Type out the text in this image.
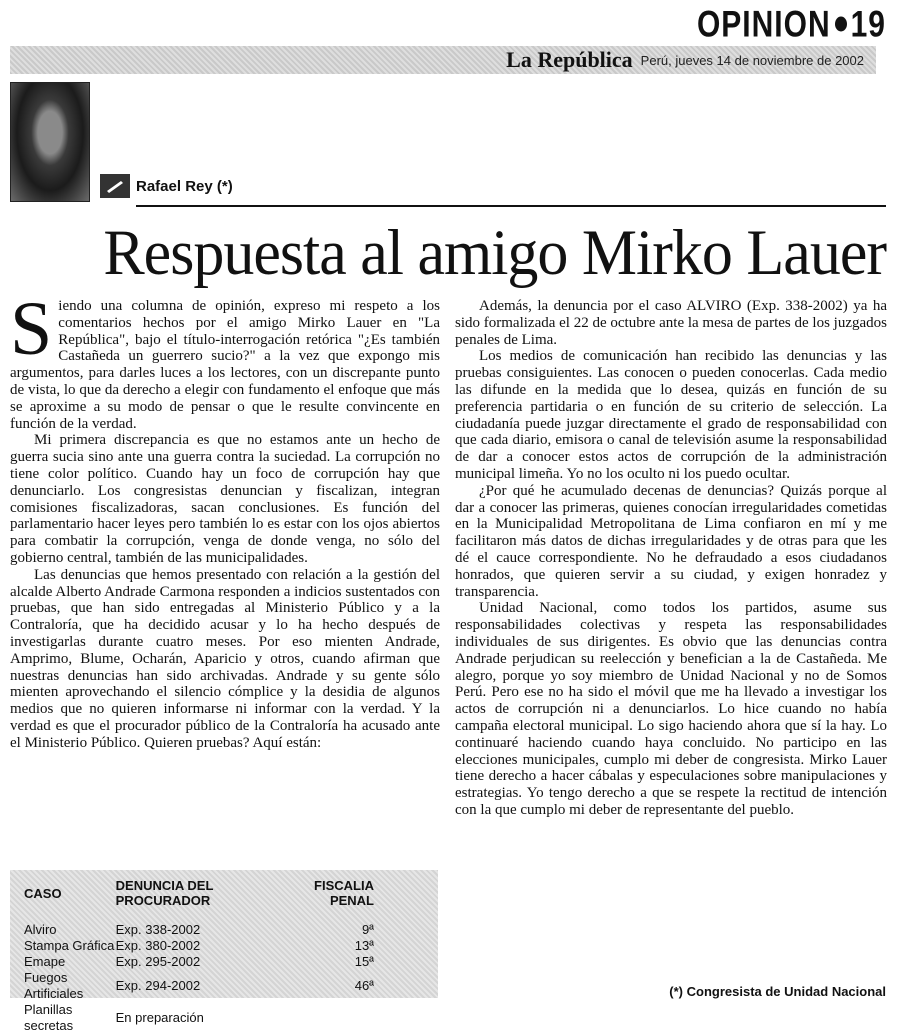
OPINION 19
La República Perú, jueves 14 de noviembre de 2002
Rafael Rey (*)
Respuesta al amigo Mirko Lauer

Siendo una columna de opinión, expreso mi respeto a los comentarios hechos por el amigo Mirko Lauer en "La República", bajo el título-interrogación retórica "¿Es también Castañeda un guerrero sucio?" a la vez que expongo mis argumentos, para darles luces a los lectores, con un discrepante punto de vista, lo que da derecho a elegir con fundamento el enfoque que más se aproxime a su modo de pensar o que le resulte convincente en función de la verdad.

Mi primera discrepancia es que no estamos ante un hecho de guerra sucia sino ante una guerra contra la suciedad. La corrupción no tiene color político. Cuando hay un foco de corrupción hay que denunciarlo. Los congresistas denuncian y fiscalizan, integran comisiones fiscalizadoras, sacan conclusiones. Es función del parlamentario hacer leyes pero también lo es estar con los ojos abiertos para combatir la corrupción, venga de donde venga, no sólo del gobierno central, también de las municipalidades.

Las denuncias que hemos presentado con relación a la gestión del alcalde Alberto Andrade Carmona responden a indicios sustentados con pruebas, que han sido entregadas al Ministerio Público y a la Contraloría, que ha decidido acusar y lo ha hecho después de investigarlas durante cuatro meses. Por eso mienten Andrade, Amprimo, Blume, Ocharán, Aparicio y otros, cuando afirman que nuestras denuncias han sido archivadas. Andrade y su gente sólo mienten aprovechando el silencio cómplice y la desidia de algunos medios que no quieren informarse ni informar con la verdad. Y la verdad es que el procurador público de la Contraloría ha acusado ante el Ministerio Público. Quieren pruebas? Aquí están:

CASO	DENUNCIA DEL PROCURADOR	FISCALIA PENAL
Alviro	Exp. 338-2002	9ª
Stampa Gráfica	Exp. 380-2002	13ª
Emape	Exp. 295-2002	15ª
Fuegos Artificiales	Exp. 294-2002	46ª
Planillas secretas	En preparación	

Además, la denuncia por el caso ALVIRO (Exp. 338-2002) ya ha sido formalizada el 22 de octubre ante la mesa de partes de los juzgados penales de Lima.

Los medios de comunicación han recibido las denuncias y las pruebas consiguientes. Las conocen o pueden conocerlas. Cada medio las difunde en la medida que lo desea, quizás en función de su preferencia partidaria o en función de su criterio de selección. La ciudadanía puede juzgar directamente el grado de responsabilidad con que cada diario, emisora o canal de televisión asume la responsabilidad de dar a conocer estos actos de corrupción de la administración municipal limeña. Yo no los oculto ni los puedo ocultar.

¿Por qué he acumulado decenas de denuncias? Quizás porque al dar a conocer las primeras, quienes conocían irregularidades cometidas en la Municipalidad Metropolitana de Lima confiaron en mí y me facilitaron más datos de dichas irregularidades y de otras para que les dé el cauce correspondiente. No he defraudado a esos ciudadanos honrados, que quieren servir a su ciudad, y exigen honradez y transparencia.

Unidad Nacional, como todos los partidos, asume sus responsabilidades colectivas y respeta las responsabilidades individuales de sus dirigentes. Es obvio que las denuncias contra Andrade perjudican su reelección y benefician a la de Castañeda. Me alegro, porque yo soy miembro de Unidad Nacional y no de Somos Perú. Pero ese no ha sido el móvil que me ha llevado a investigar los actos de corrupción ni a denunciarlos. Lo hice cuando no había campaña electoral municipal. Lo sigo haciendo ahora que sí la hay. Lo continuaré haciendo cuando haya concluido. No participo en las elecciones municipales, cumplo mi deber de congresista. Mirko Lauer tiene derecho a hacer cábalas y especulaciones sobre manipulaciones y estrategias. Yo tengo derecho a que se respete la rectitud de intención con la que cumplo mi deber de representante del pueblo.

(*) Congresista de Unidad Nacional
